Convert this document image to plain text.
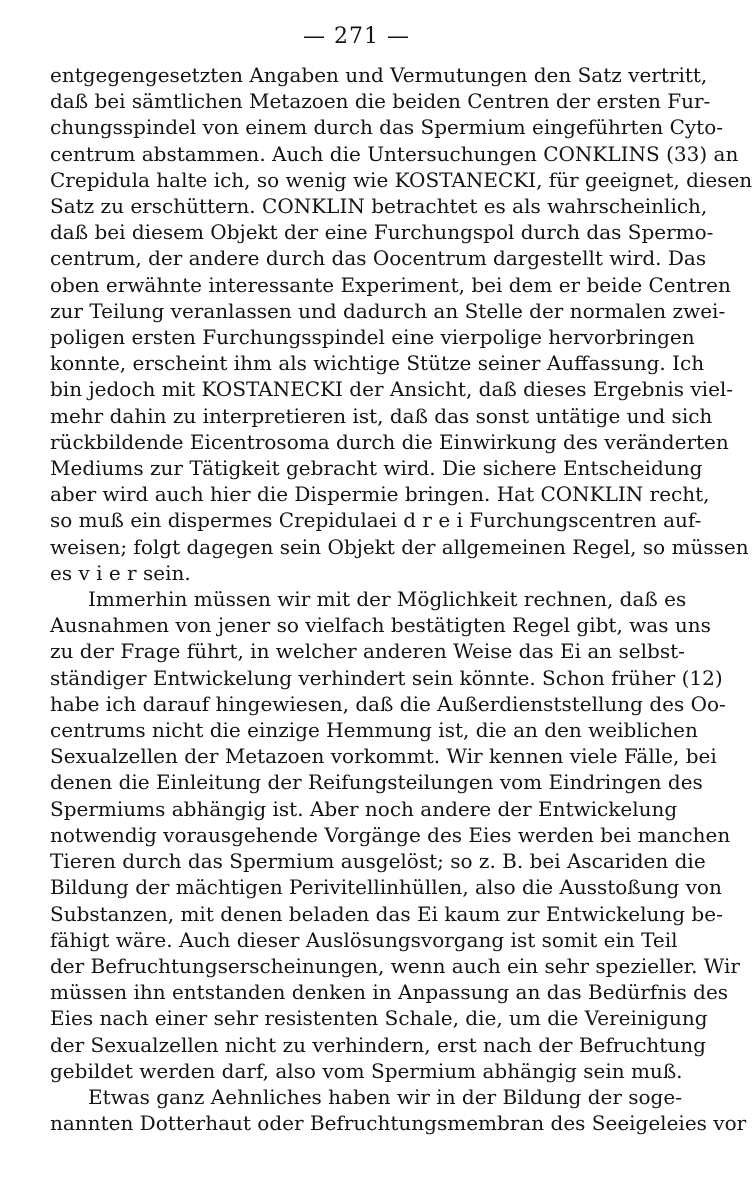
— 271 —
entgegengesetzten Angaben und Vermutungen den Satz vertritt,
daß bei sämtlichen Metazoen die beiden Centren der ersten Fur-
chungsspindel von einem durch das Spermium eingeführten Cyto-
centrum abstammen. Auch die Untersuchungen CONKLINS (33) an
Crepidula halte ich, so wenig wie KOSTANECKI, für geeignet, diesen
Satz zu erschüttern. CONKLIN betrachtet es als wahrscheinlich,
daß bei diesem Objekt der eine Furchungspol durch das Spermo-
centrum, der andere durch das Oocentrum dargestellt wird. Das
oben erwähnte interessante Experiment, bei dem er beide Centren
zur Teilung veranlassen und dadurch an Stelle der normalen zwei-
poligen ersten Furchungsspindel eine vierpolige hervorbringen
konnte, erscheint ihm als wichtige Stütze seiner Auffassung. Ich
bin jedoch mit KOSTANECKI der Ansicht, daß dieses Ergebnis viel-
mehr dahin zu interpretieren ist, daß das sonst untätige und sich
rückbildende Eicentrosoma durch die Einwirkung des veränderten
Mediums zur Tätigkeit gebracht wird. Die sichere Entscheidung
aber wird auch hier die Dispermie bringen. Hat CONKLIN recht,
so muß ein dispermes Crepidulaei d r e i Furchungscentren auf-
weisen; folgt dagegen sein Objekt der allgemeinen Regel, so müssen
es v i e r sein.
Immerhin müssen wir mit der Möglichkeit rechnen, daß es
Ausnahmen von jener so vielfach bestätigten Regel gibt, was uns
zu der Frage führt, in welcher anderen Weise das Ei an selbst-
ständiger Entwickelung verhindert sein könnte. Schon früher (12)
habe ich darauf hingewiesen, daß die Außerdienststellung des Oo-
centrums nicht die einzige Hemmung ist, die an den weiblichen
Sexualzellen der Metazoen vorkommt. Wir kennen viele Fälle, bei
denen die Einleitung der Reifungsteilungen vom Eindringen des
Spermiums abhängig ist. Aber noch andere der Entwickelung
notwendig vorausgehende Vorgänge des Eies werden bei manchen
Tieren durch das Spermium ausgelöst; so z. B. bei Ascariden die
Bildung der mächtigen Perivitellinhüllen, also die Ausstoßung von
Substanzen, mit denen beladen das Ei kaum zur Entwickelung be-
fähigt wäre. Auch dieser Auslösungsvorgang ist somit ein Teil
der Befruchtungserscheinungen, wenn auch ein sehr spezieller. Wir
müssen ihn entstanden denken in Anpassung an das Bedürfnis des
Eies nach einer sehr resistenten Schale, die, um die Vereinigung
der Sexualzellen nicht zu verhindern, erst nach der Befruchtung
gebildet werden darf, also vom Spermium abhängig sein muß.
Etwas ganz Aehnliches haben wir in der Bildung der soge-
nannten Dotterhaut oder Befruchtungsmembran des Seeigeleies vor
